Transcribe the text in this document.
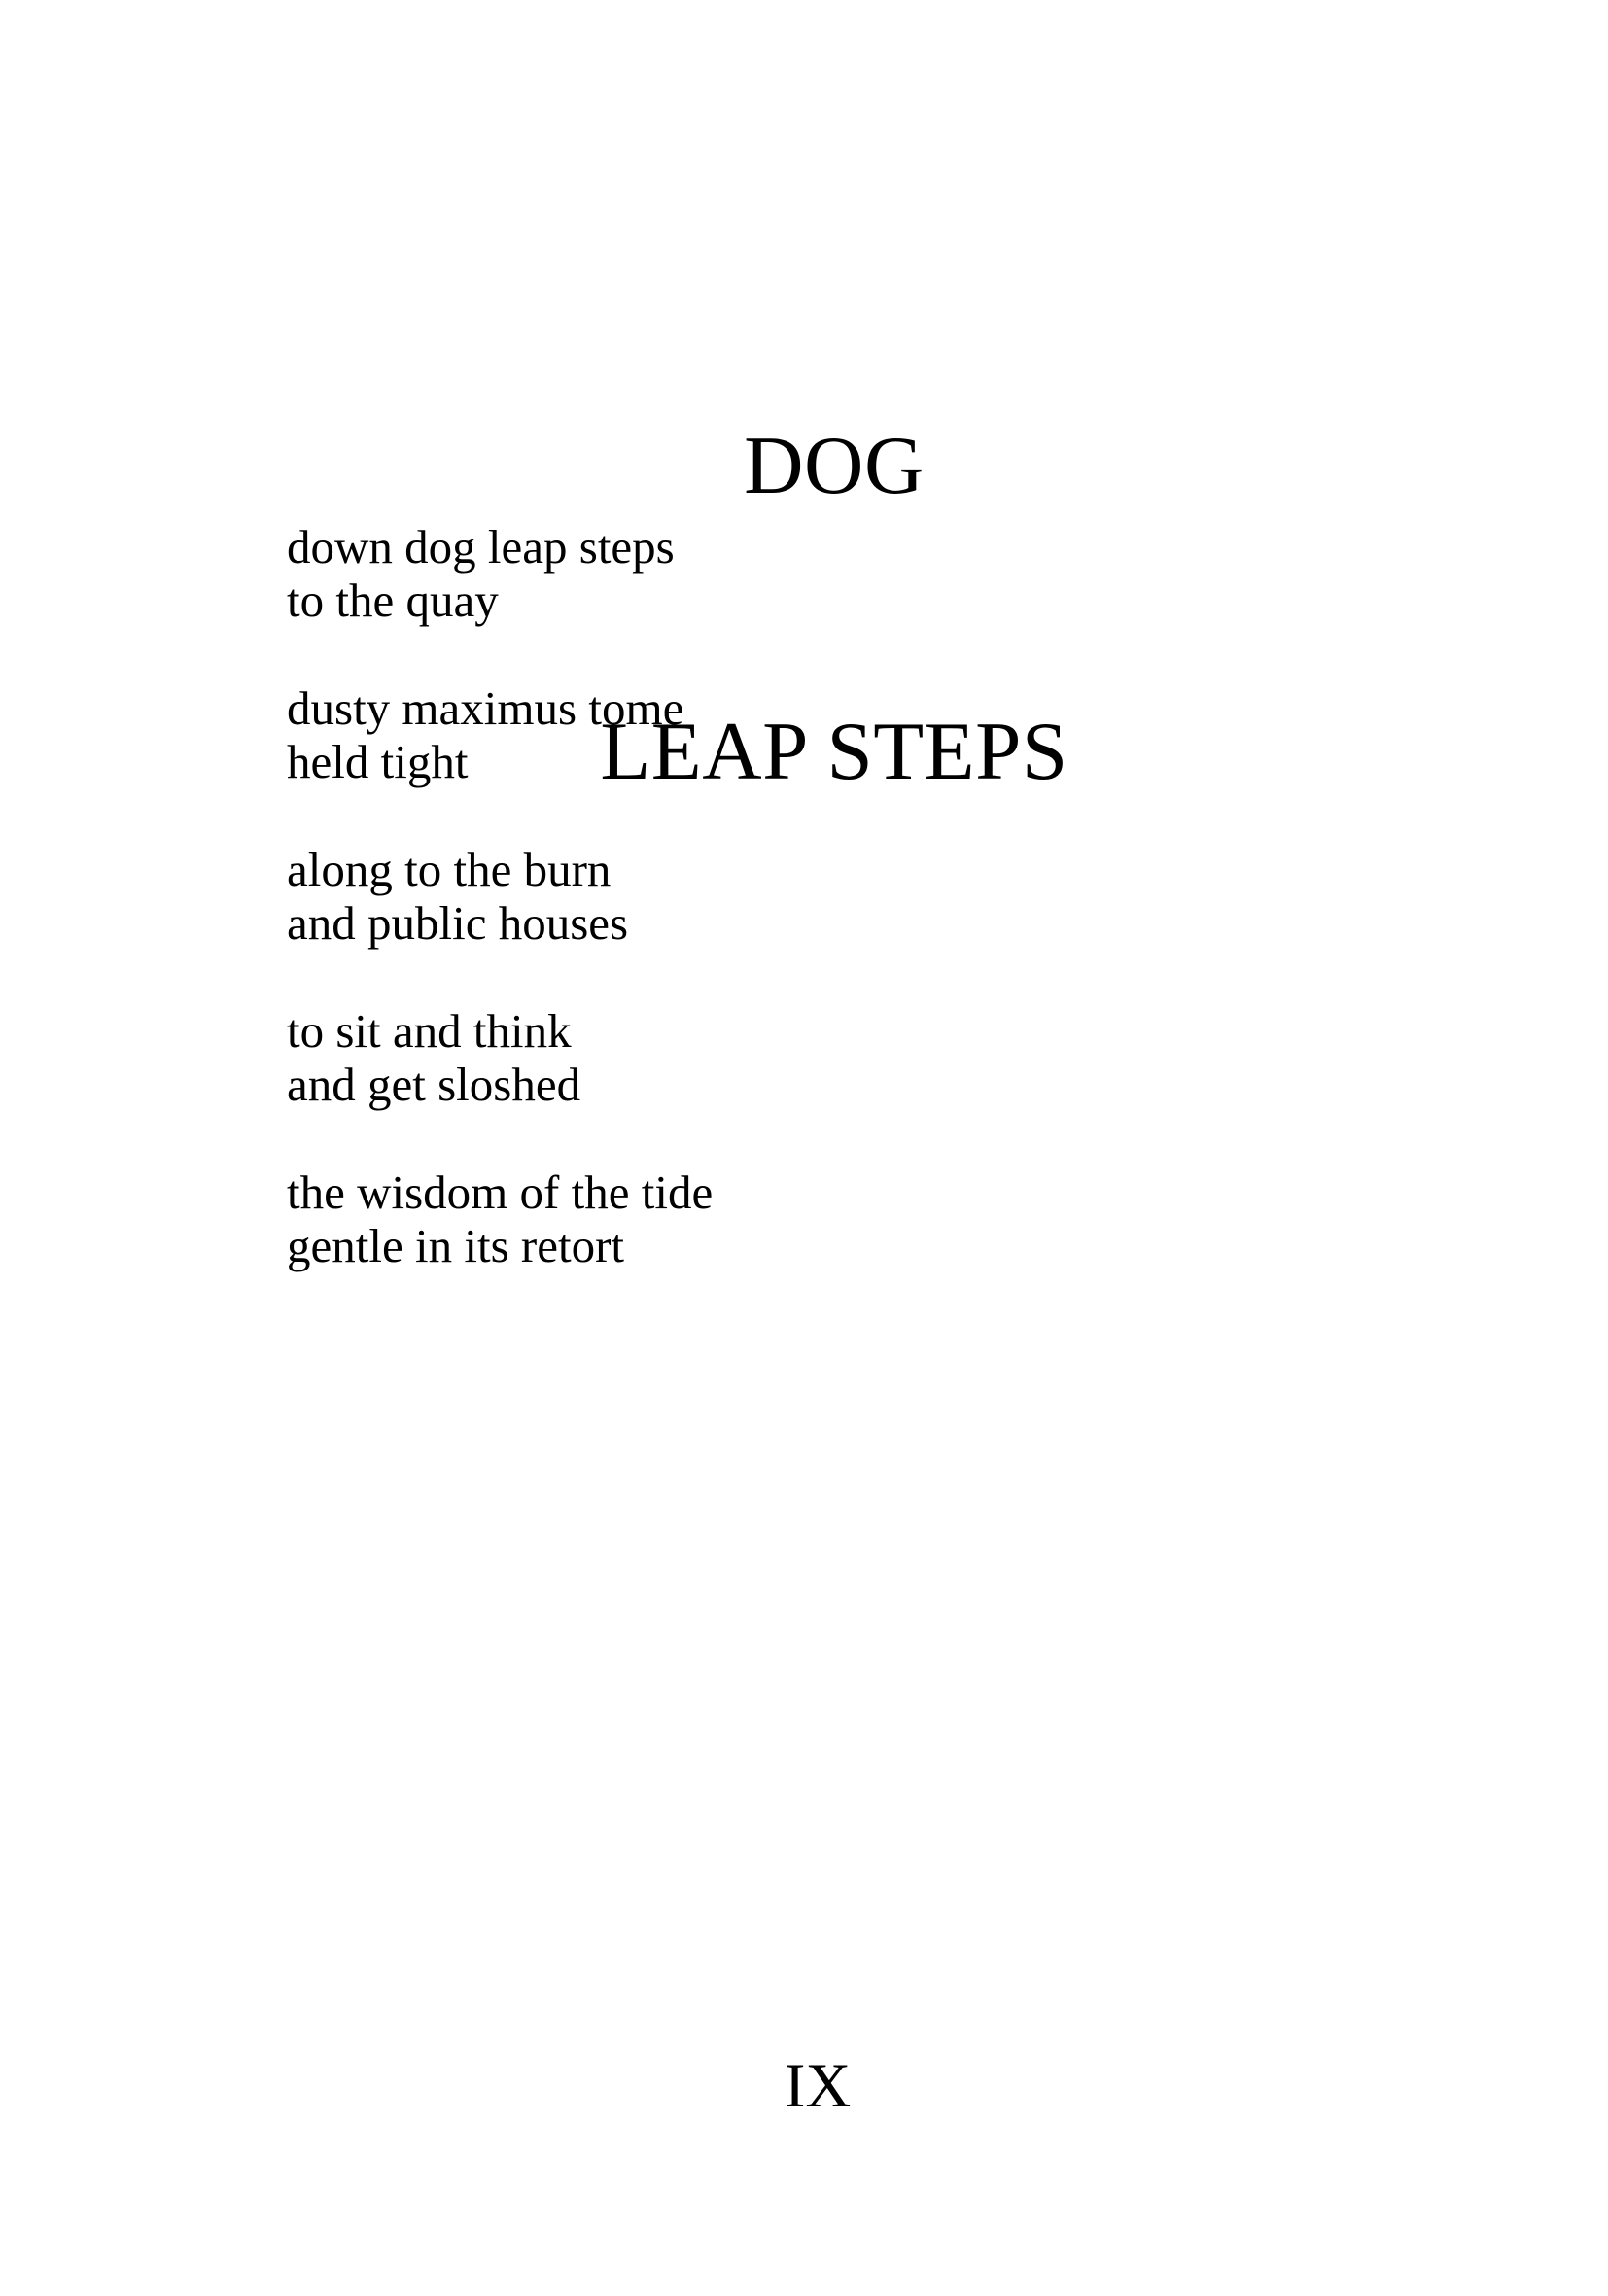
DOG

LEAP STEPS

down dog leap steps
to the quay
dusty maximus tome
held tight
along to the burn
and public houses
to sit and think
and get sloshed
the wisdom of the tide
gentle in its retort
IX
